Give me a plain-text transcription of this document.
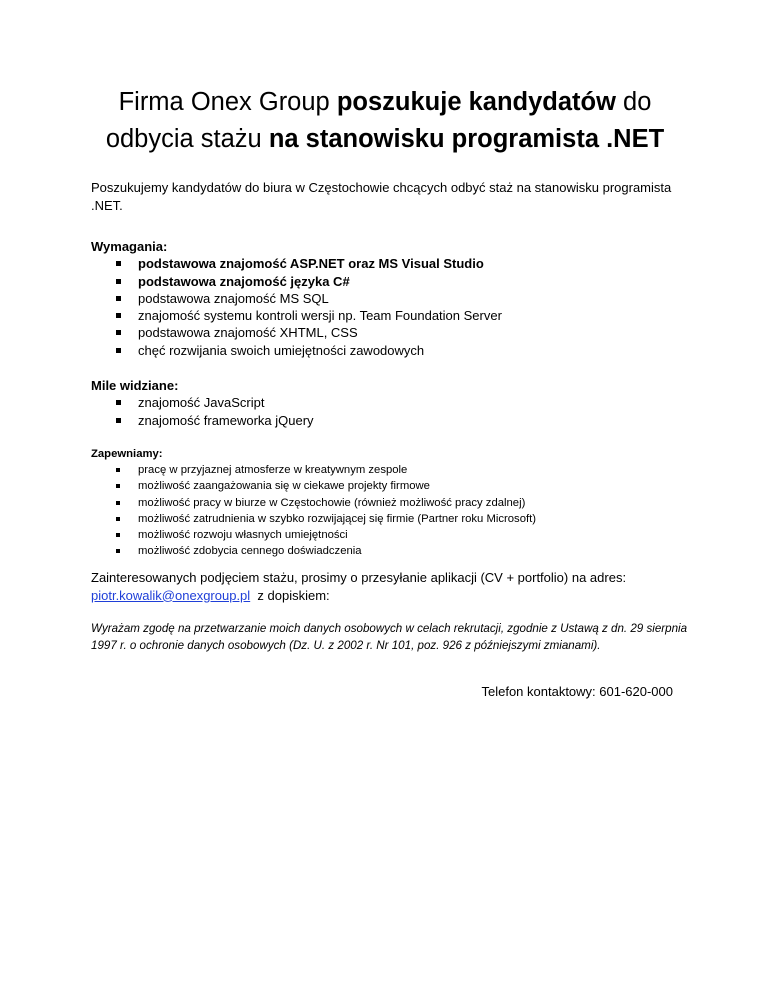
Firma Onex Group poszukuje kandydatów do odbycia stażu na stanowisku programista .NET
Poszukujemy kandydatów do biura w Częstochowie chcących odbyć staż na stanowisku programista .NET.
Wymagania:
podstawowa znajomość ASP.NET oraz MS Visual Studio
podstawowa znajomość języka C#
podstawowa znajomość MS SQL
znajomość systemu kontroli wersji np. Team Foundation Server
podstawowa znajomość XHTML, CSS
chęć rozwijania swoich umiejętności zawodowych
Mile widziane:
znajomość JavaScript
znajomość frameworka jQuery
Zapewniamy:
pracę w przyjaznej atmosferze w kreatywnym zespole
możliwość zaangażowania się w ciekawe projekty firmowe
możliwość pracy w biurze w Częstochowie (również możliwość pracy zdalnej)
możliwość zatrudnienia w szybko rozwijającej się firmie (Partner roku Microsoft)
możliwość rozwoju własnych umiejętności
możliwość zdobycia cennego doświadczenia
Zainteresowanych podjęciem stażu, prosimy o przesyłanie aplikacji (CV + portfolio) na adres:
piotr.kowalik@onexgroup.pl z dopiskiem:
Wyrażam zgodę na przetwarzanie moich danych osobowych w celach rekrutacji, zgodnie z Ustawą z dn. 29 sierpnia 1997 r. o ochronie danych osobowych (Dz. U. z 2002 r. Nr 101, poz. 926 z późniejszymi zmianami).
Telefon kontaktowy: 601-620-000
